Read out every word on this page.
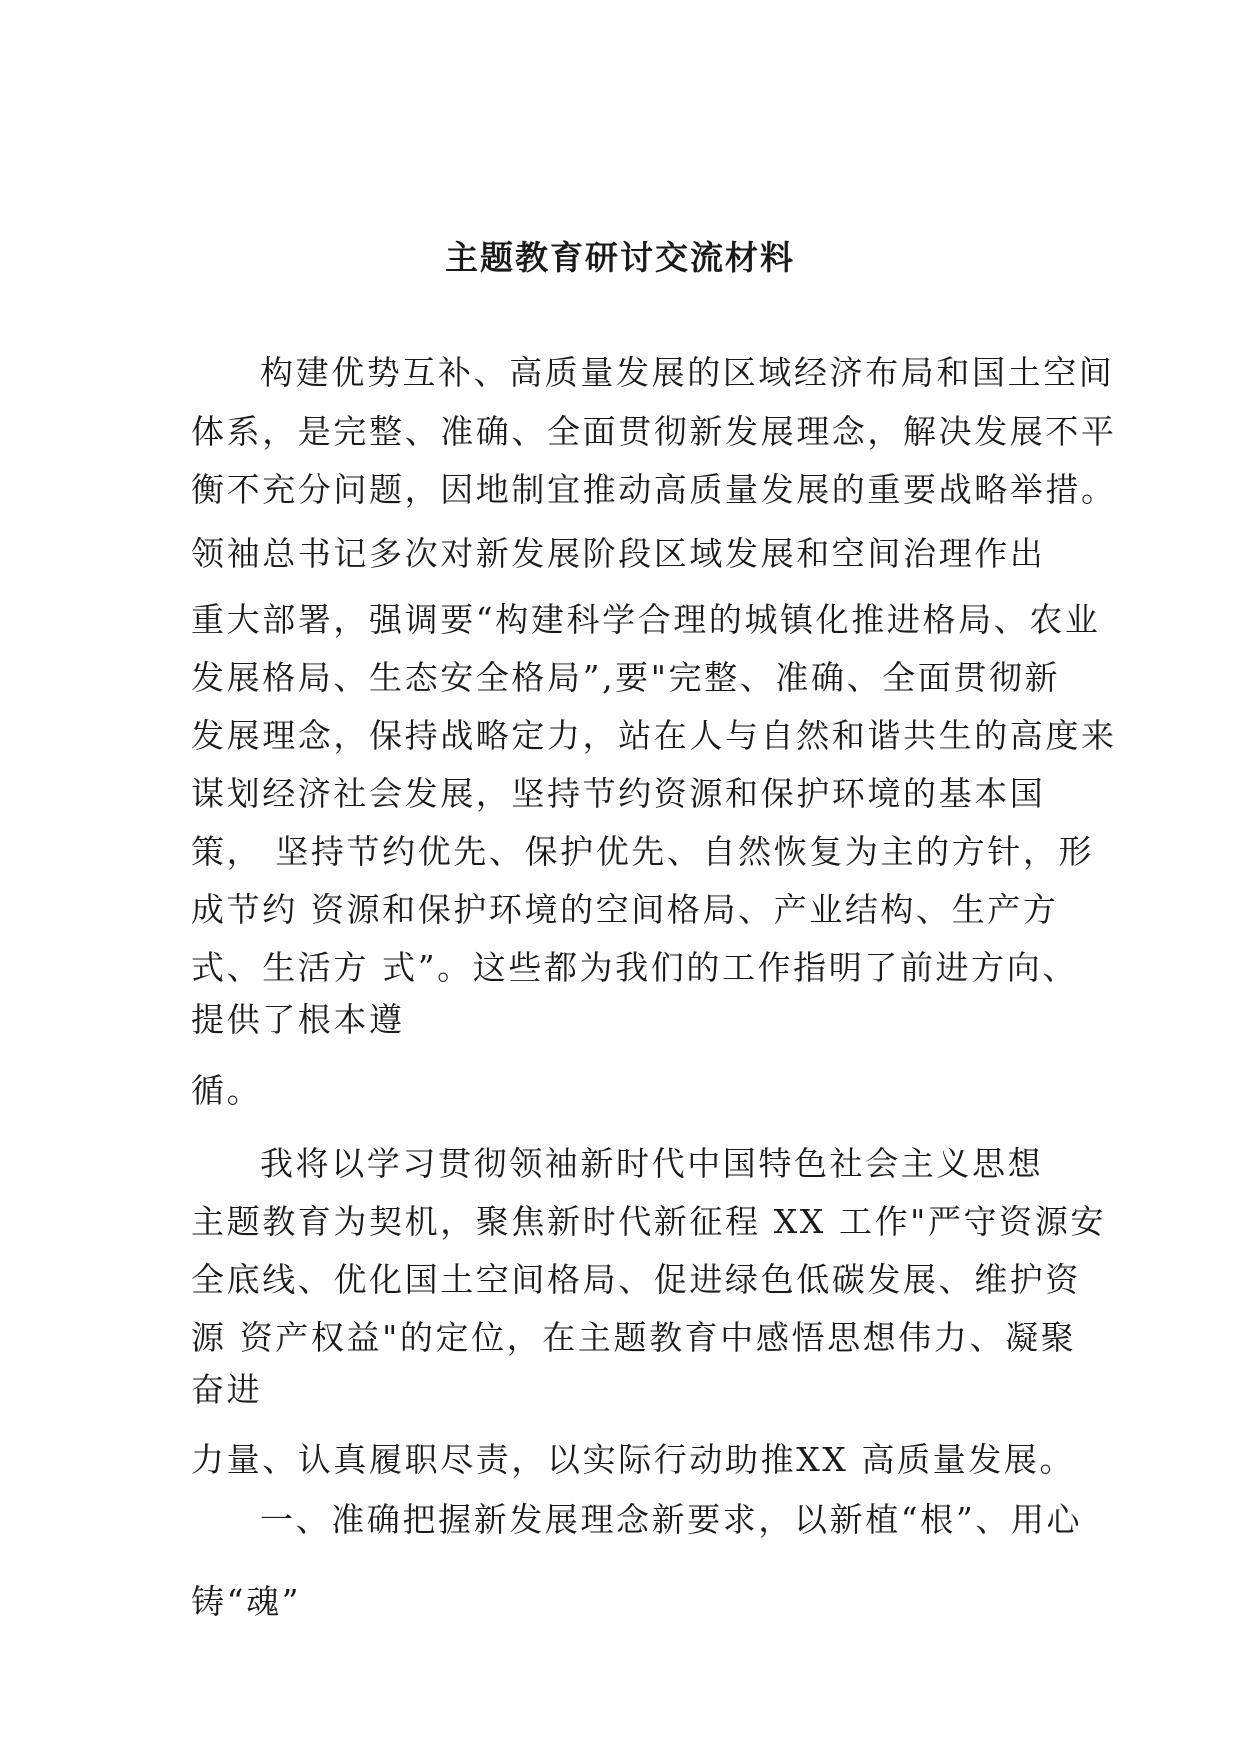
主题教育研讨交流材料
构建优势互补、高质量发展的区域经济布局和国土空间
体系，是完整、准确、全面贯彻新发展理念，解决发展不平
衡不充分问题，因地制宜推动高质量发展的重要战略举措。
领袖总书记多次对新发展阶段区域发展和空间治理作出
重大部署，强调要“构建科学合理的城镇化推进格局、农业
发展格局、生态安全格局”,要"完整、准确、全面贯彻新
发展理念，保持战略定力，站在人与自然和谐共生的高度来
谋划经济社会发展，坚持节约资源和保护环境的基本国
策， 坚持节约优先、保护优先、自然恢复为主的方针，形
成节约 资源和保护环境的空间格局、产业结构、生产方
式、生活方 式”。这些都为我们的工作指明了前进方向、
提供了根本遵
循。
我将以学习贯彻领袖新时代中国特色社会主义思想
主题教育为契机，聚焦新时代新征程 XX 工作"严守资源安
全底线、优化国土空间格局、促进绿色低碳发展、维护资
源 资产权益"的定位，在主题教育中感悟思想伟力、凝聚
奋进
力量、认真履职尽责，以实际行动助推XX 高质量发展。
一、准确把握新发展理念新要求，以新植“根”、用心
铸“魂”
